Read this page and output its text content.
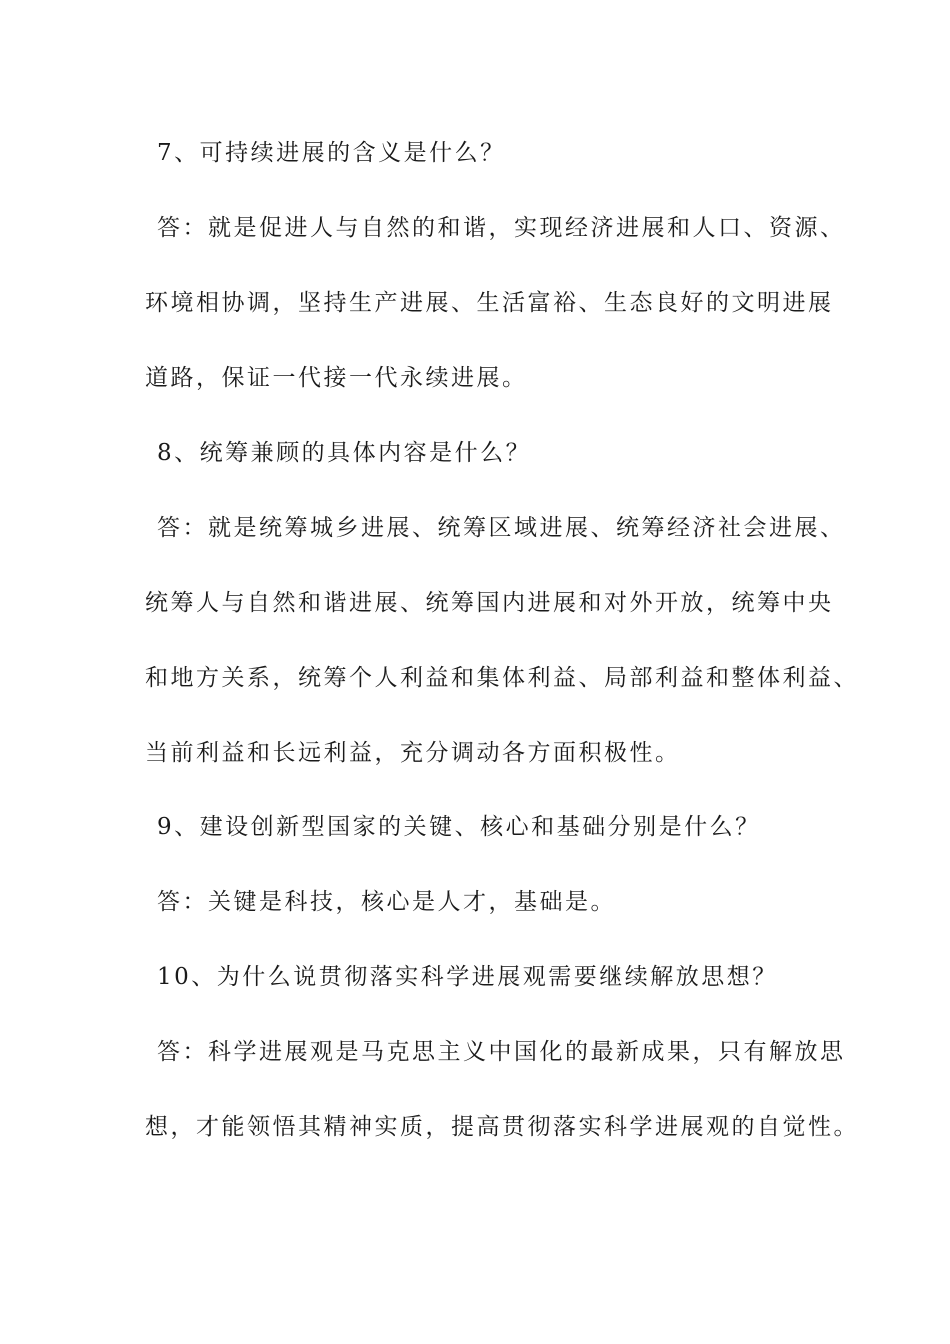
7、可持续进展的含义是什么？
答：就是促进人与自然的和谐，实现经济进展和人口、资源、
环境相协调，坚持生产进展、生活富裕、生态良好的文明进展
道路，保证一代接一代永续进展。
8、统筹兼顾的具体内容是什么？
答：就是统筹城乡进展、统筹区域进展、统筹经济社会进展、
统筹人与自然和谐进展、统筹国内进展和对外开放，统筹中央
和地方关系，统筹个人利益和集体利益、局部利益和整体利益、
当前利益和长远利益，充分调动各方面积极性。
9、建设创新型国家的关键、核心和基础分别是什么？
答：关键是科技，核心是人才，基础是。
10、为什么说贯彻落实科学进展观需要继续解放思想？
答：科学进展观是马克思主义中国化的最新成果，只有解放思
想，才能领悟其精神实质，提高贯彻落实科学进展观的自觉性。
